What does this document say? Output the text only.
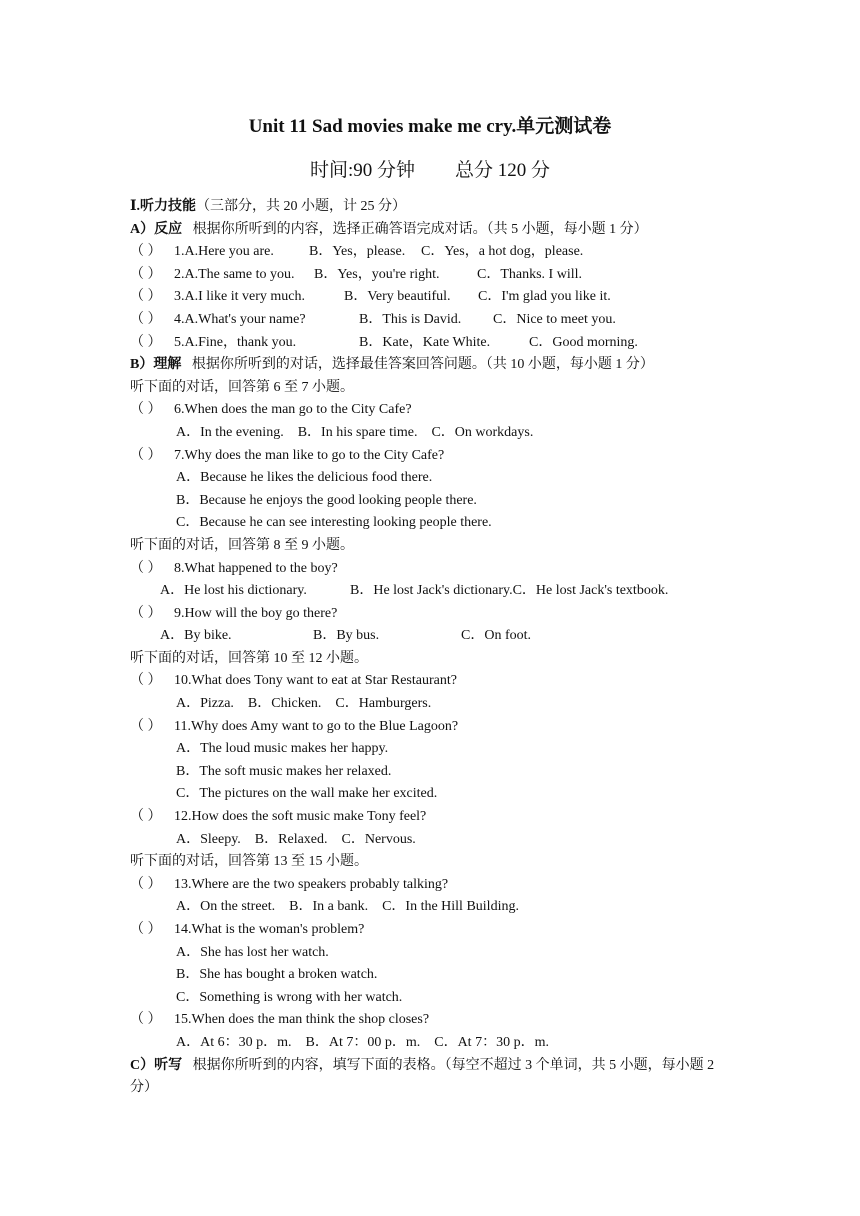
Unit 11 Sad movies make me cry.单元测试卷
时间:90 分钟 总分 120 分
Ⅰ.听力技能（三部分，共 20 小题，计 25 分）
A）反应 根据你所听到的内容，选择正确答语完成对话。（共 5 小题，每小题 1 分）
（ ） 1.A.Here you are.	B．Yes，please. C．Yes，a hot dog，please.
（ ） 2.A.The same to you. B．Yes，you're right.	C．Thanks. I will.
（ ） 3.A.I like it very much.	B．Very beautiful. C．I'm glad you like it.
（ ） 4.A.What's your name?	B．This is David. C．Nice to meet you.
（ ） 5.A.Fine，thank you.	B．Kate，Kate White.	C．Good morning.
B）理解 根据你所听到的对话，选择最佳答案回答问题。（共 10 小题，每小题 1 分）
听下面的对话，回答第 6 至 7 小题。
（ ） 6.When does the man go to the City Cafe?
A．In the evening.    B．In his spare time.    C．On workdays.
（ ） 7.Why does the man like to go to the City Cafe?
A．Because he likes the delicious food there.
B．Because he enjoys the good looking people there.
C．Because he can see interesting looking people there.
听下面的对话，回答第 8 至 9 小题。
（ ） 8.What happened to the boy?
A．He lost his dictionary.	B．He lost Jack's dictionary.C．He lost Jack's textbook.
（ ） 9.How will the boy go there?
A．By bike.	B．By bus.	C．On foot.
听下面的对话，回答第 10 至 12 小题。
（ ） 10.What does Tony want to eat at Star Restaurant?
A．Pizza.    B．Chicken.    C．Hamburgers.
（ ） 11.Why does Amy want to go to the Blue Lagoon?
A．The loud music makes her happy.
B．The soft music makes her relaxed.
C．The pictures on the wall make her excited.
（ ） 12.How does the soft music make Tony feel?
A．Sleepy.    B．Relaxed.    C．Nervous.
听下面的对话，回答第 13 至 15 小题。
（ ） 13.Where are the two speakers probably talking?
A．On the street.    B．In a bank.    C．In the Hill Building.
（ ） 14.What is the woman's problem?
A．She has lost her watch.
B．She has bought a broken watch.
C．Something is wrong with her watch.
（ ） 15.When does the man think the shop closes?
A．At 6：30 p．m.    B．At 7：00 p．m.    C．At 7：30 p．m.
C）听写 根据你所听到的内容，填写下面的表格。（每空不超过 3 个单词，共 5 小题，每小题 2 分）
